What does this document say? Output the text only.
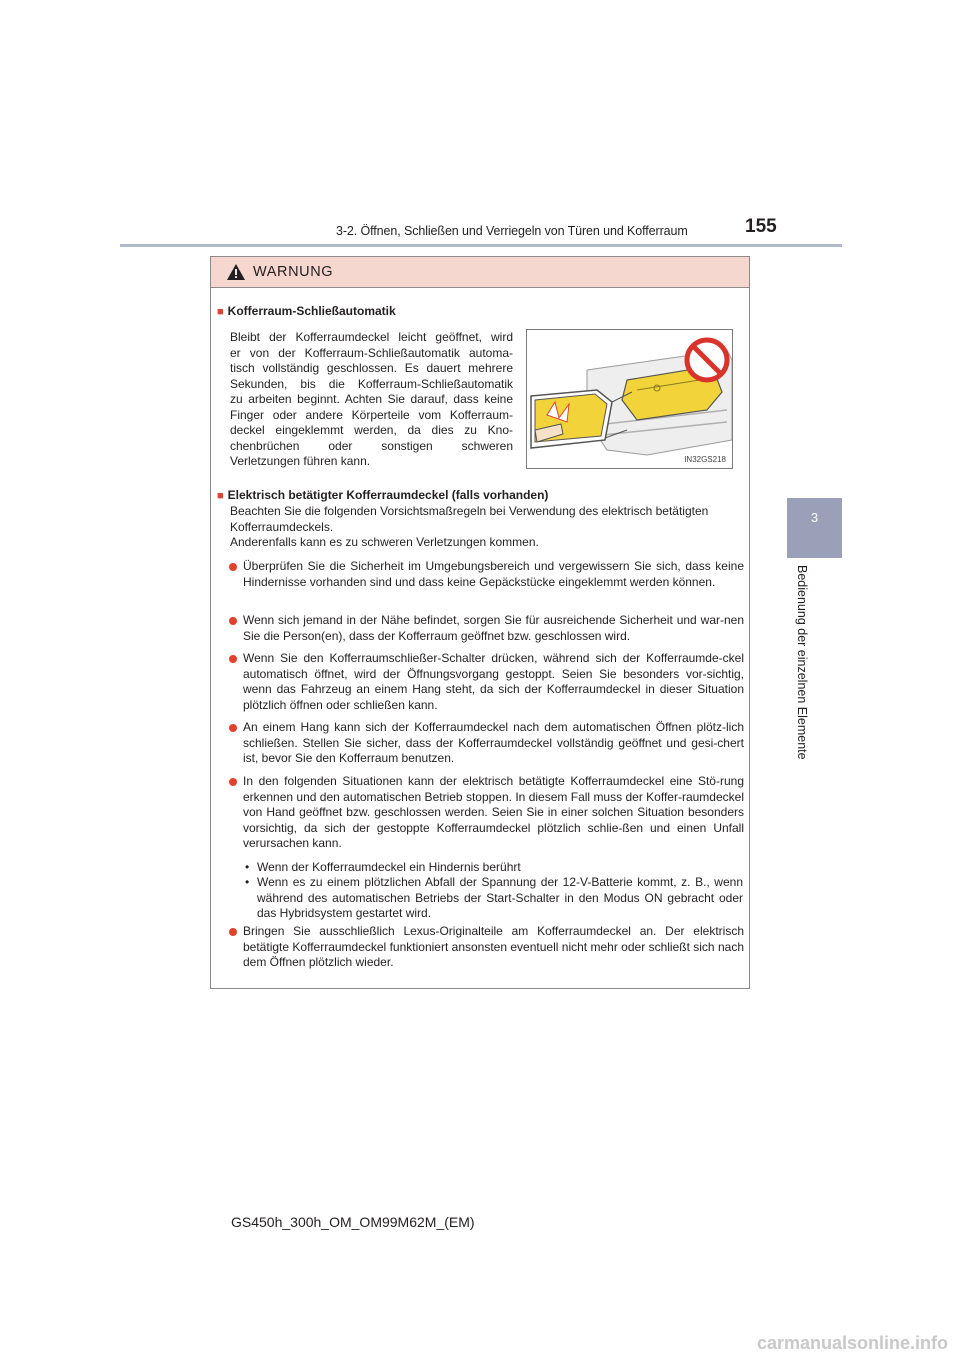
3-2. Öffnen, Schließen und Verriegeln von Türen und Kofferraum	155
3
Bedienung der einzelnen Elemente
WARNUNG
■ Kofferraum-Schließautomatik
Bleibt der Kofferraumdeckel leicht geöffnet, wird
er von der Kofferraum-Schließautomatik automa-
tisch vollständig geschlossen. Es dauert mehrere
Sekunden, bis die Kofferraum-Schließautomatik
zu arbeiten beginnt. Achten Sie darauf, dass keine
Finger oder andere Körperteile vom Kofferraum-
deckel eingeklemmt werden, da dies zu Kno-
chenbrüchen oder sonstigen schweren
Verletzungen führen kann.	IN32GS218
■ Elektrisch betätigter Kofferraumdeckel (falls vorhanden)
Beachten Sie die folgenden Vorsichtsmaßregeln bei Verwendung des elektrisch betätigten
Kofferraumdeckels.
Anderenfalls kann es zu schweren Verletzungen kommen.
Überprüfen Sie die Sicherheit im Umgebungsbereich und vergewissern Sie sich, dass keine Hindernisse vorhanden sind und dass keine Gepäckstücke eingeklemmt werden können.
Wenn sich jemand in der Nähe befindet, sorgen Sie für ausreichende Sicherheit und war-nen Sie die Person(en), dass der Kofferraum geöffnet bzw. geschlossen wird.
Wenn Sie den Kofferraumschließer-Schalter drücken, während sich der Kofferraumde-ckel automatisch öffnet, wird der Öffnungsvorgang gestoppt. Seien Sie besonders vor-sichtig, wenn das Fahrzeug an einem Hang steht, da sich der Kofferraumdeckel in dieser Situation plötzlich öffnen oder schließen kann.
An einem Hang kann sich der Kofferraumdeckel nach dem automatischen Öffnen plötz-lich schließen. Stellen Sie sicher, dass der Kofferraumdeckel vollständig geöffnet und gesi-chert ist, bevor Sie den Kofferraum benutzen.
In den folgenden Situationen kann der elektrisch betätigte Kofferraumdeckel eine Stö-rung erkennen und den automatischen Betrieb stoppen. In diesem Fall muss der Koffer-raumdeckel von Hand geöffnet bzw. geschlossen werden. Seien Sie in einer solchen Situation besonders vorsichtig, da sich der gestoppte Kofferraumdeckel plötzlich schlie-ßen und einen Unfall verursachen kann.
• Wenn der Kofferraumdeckel ein Hindernis berührt
• Wenn es zu einem plötzlichen Abfall der Spannung der 12-V-Batterie kommt, z. B., wenn während des automatischen Betriebs der Start-Schalter in den Modus ON gebracht oder das Hybridsystem gestartet wird.
Bringen Sie ausschließlich Lexus-Originalteile am Kofferraumdeckel an. Der elektrisch betätigte Kofferraumdeckel funktioniert ansonsten eventuell nicht mehr oder schließt sich nach dem Öffnen plötzlich wieder.
GS450h_300h_OM_OM99M62M_(EM)
carmanualsonline.info
